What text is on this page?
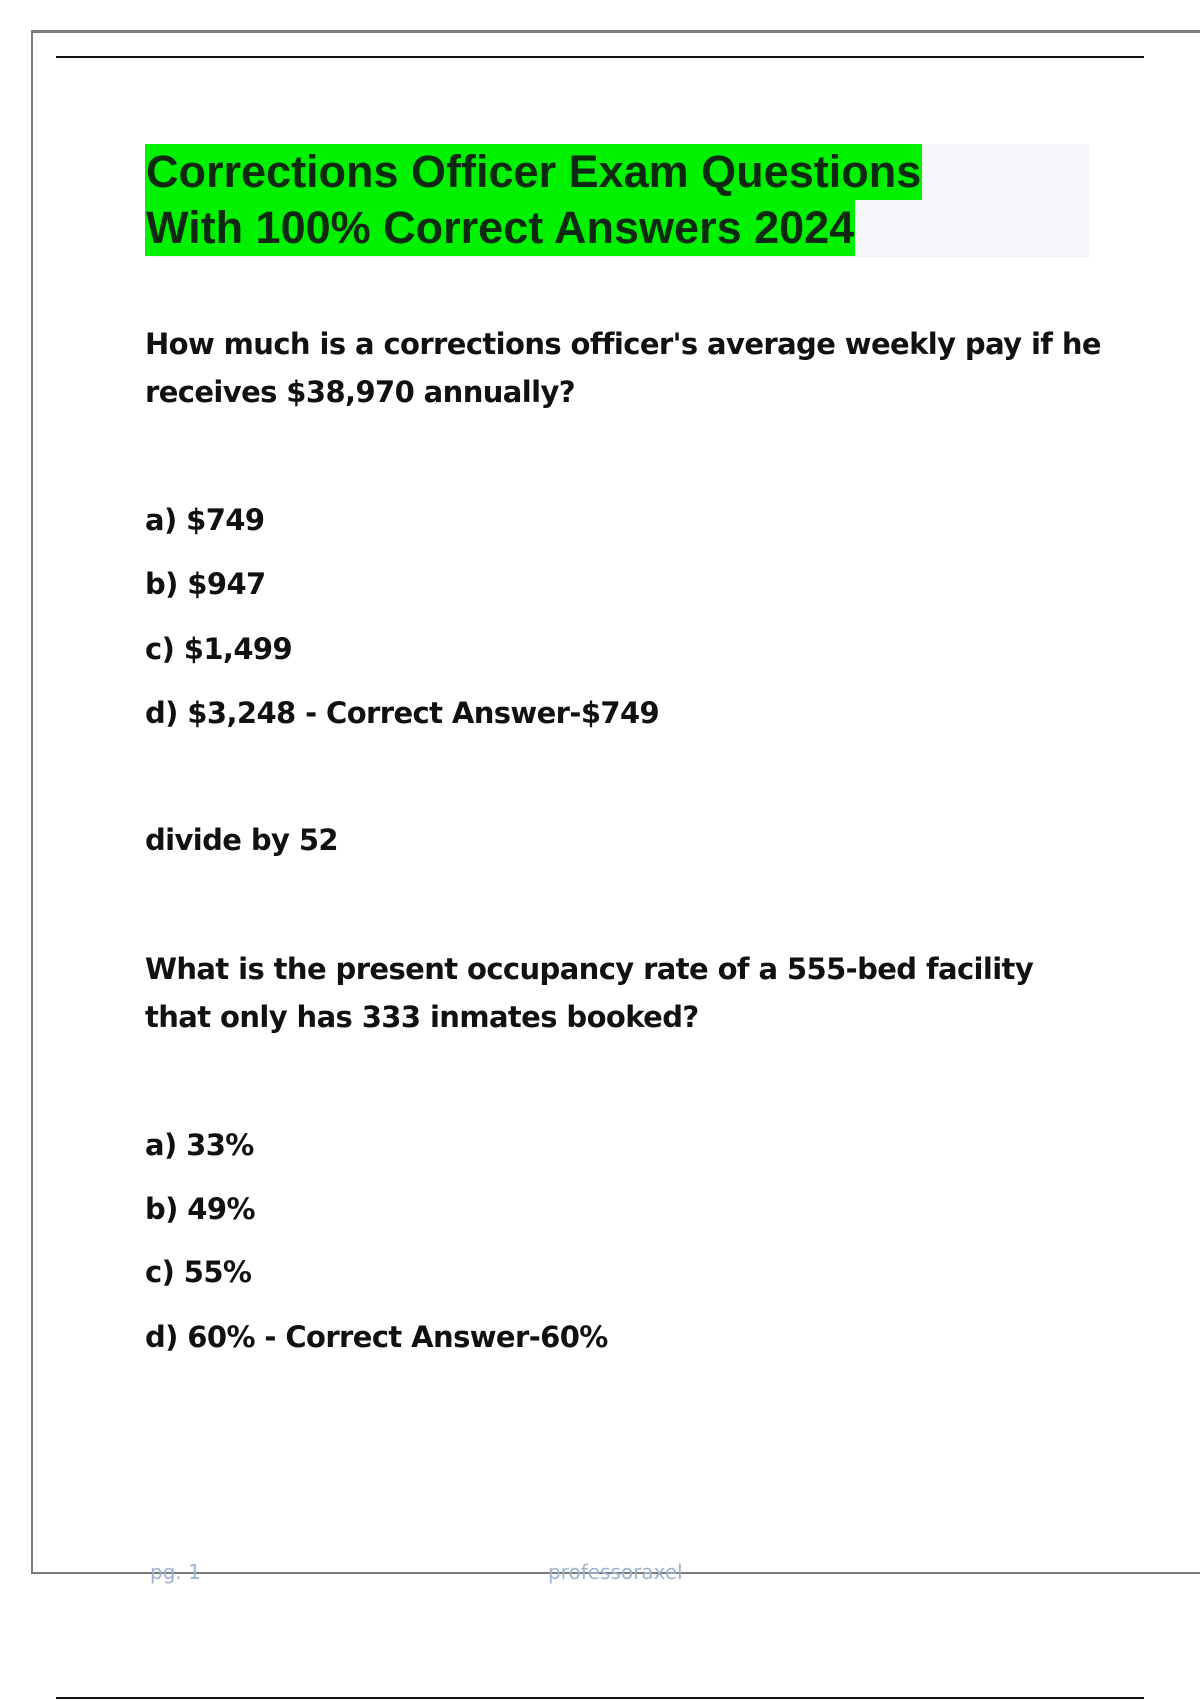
Corrections Officer Exam Questions
With 100% Correct Answers 2024
How much is a corrections officer's average weekly pay if he receives $38,970 annually?
a) $749
b) $947
c) $1,499
d) $3,248 - Correct Answer-$749
divide by 52
What is the present occupancy rate of a 555-bed facility that only has 333 inmates booked?
a) 33%
b) 49%
c) 55%
d) 60% - Correct Answer-60%
pg. 1	professoraxel
